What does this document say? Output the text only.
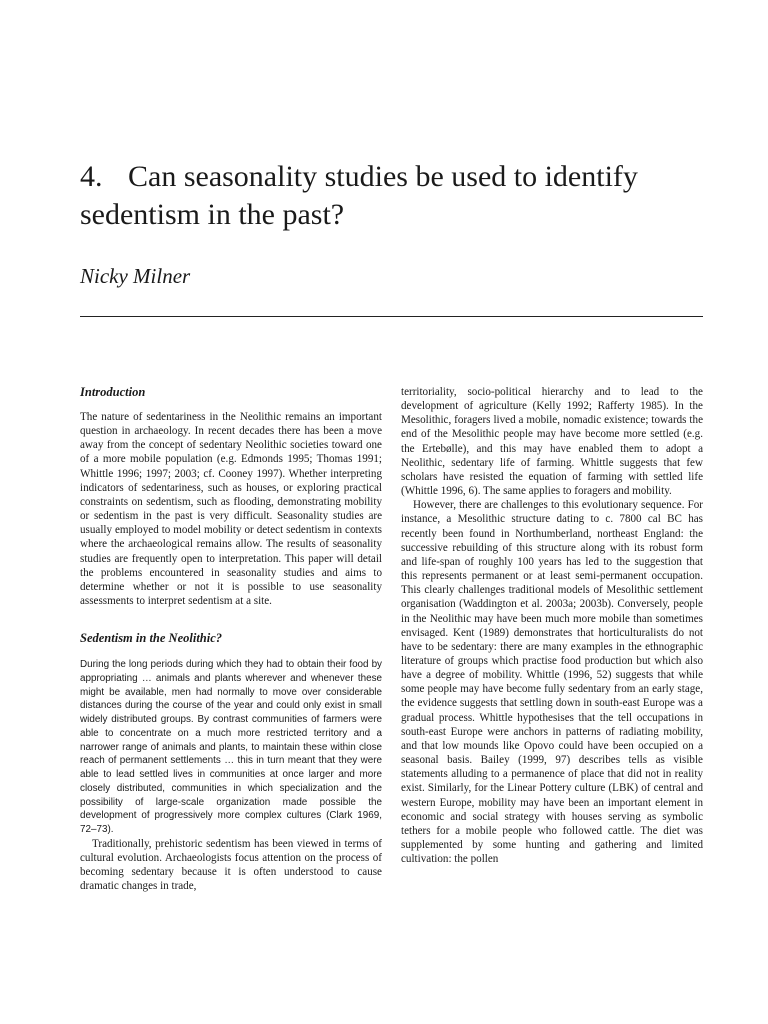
4. Can seasonality studies be used to identify sedentism in the past?
Nicky Milner
Introduction

The nature of sedentariness in the Neolithic remains an important question in archaeology. In recent decades there has been a move away from the concept of sedentary Neolithic societies toward one of a more mobile population (e.g. Edmonds 1995; Thomas 1991; Whittle 1996; 1997; 2003; cf. Cooney 1997). Whether interpreting indicators of sedentariness, such as houses, or exploring practical constraints on sedentism, such as flooding, demonstrating mobility or sedentism in the past is very difficult. Seasonality studies are usually employed to model mobility or detect sedentism in contexts where the archaeological remains allow. The results of seasonality studies are frequently open to interpretation. This paper will detail the problems encountered in seasonality studies and aims to determine whether or not it is possible to use seasonality assessments to interpret sedentism at a site.

Sedentism in the Neolithic?

During the long periods during which they had to obtain their food by appropriating … animals and plants wherever and whenever these might be available, men had normally to move over considerable distances during the course of the year and could only exist in small widely distributed groups. By contrast communities of farmers were able to concentrate on a much more restricted territory and a narrower range of animals and plants, to maintain these within close reach of permanent settlements … this in turn meant that they were able to lead settled lives in communities at once larger and more closely distributed, communities in which specialization and the possibility of large-scale organization made possible the development of progressively more complex cultures (Clark 1969, 72–73).

Traditionally, prehistoric sedentism has been viewed in terms of cultural evolution. Archaeologists focus attention on the process of becoming sedentary because it is often understood to cause dramatic changes in trade,

territoriality, socio-political hierarchy and to lead to the development of agriculture (Kelly 1992; Rafferty 1985). In the Mesolithic, foragers lived a mobile, nomadic existence; towards the end of the Mesolithic people may have become more settled (e.g. the Ertebølle), and this may have enabled them to adopt a Neolithic, sedentary life of farming. Whittle suggests that few scholars have resisted the equation of farming with settled life (Whittle 1996, 6). The same applies to foragers and mobility.

However, there are challenges to this evolutionary sequence. For instance, a Mesolithic structure dating to c. 7800 cal BC has recently been found in Northumberland, northeast England: the successive rebuilding of this structure along with its robust form and life-span of roughly 100 years has led to the suggestion that this represents permanent or at least semi-permanent occupation. This clearly challenges traditional models of Mesolithic settlement organisation (Waddington et al. 2003a; 2003b). Conversely, people in the Neolithic may have been much more mobile than sometimes envisaged. Kent (1989) demonstrates that horticulturalists do not have to be sedentary: there are many examples in the ethnographic literature of groups which practise food production but which also have a degree of mobility. Whittle (1996, 52) suggests that while some people may have become fully sedentary from an early stage, the evidence suggests that settling down in south-east Europe was a gradual process. Whittle hypothesises that the tell occupations in south-east Europe were anchors in patterns of radiating mobility, and that low mounds like Opovo could have been occupied on a seasonal basis. Bailey (1999, 97) describes tells as visible statements alluding to a permanence of place that did not in reality exist. Similarly, for the Linear Pottery culture (LBK) of central and western Europe, mobility may have been an important element in economic and social strategy with houses serving as symbolic tethers for a mobile people who followed cattle. The diet was supplemented by some hunting and gathering and limited cultivation: the pollen
